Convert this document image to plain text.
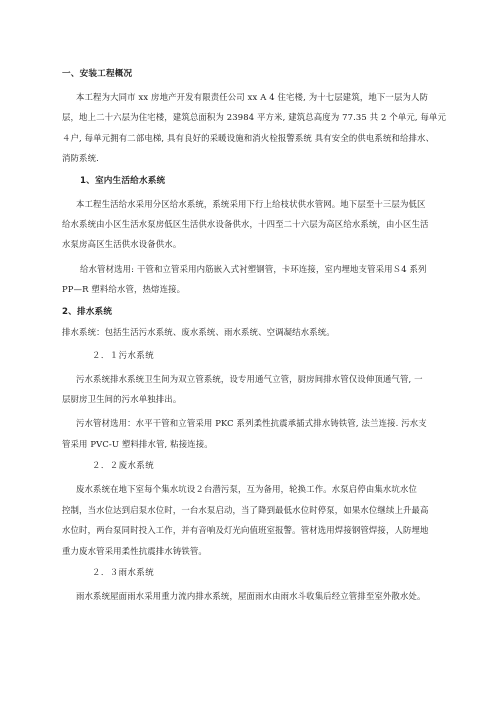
一、安装工程概况
本工程为大同市 xx 房地产开发有限责任公司 xx A 4 住宅楼, 为十七层建筑，地下一层为人防
层，地上二十六层为住宅楼，建筑总面积为 23984 平方米, 建筑总高度为 77.35 共 2 个单元, 每单元
４户, 每单元拥有二部电梯, 具有良好的采暖设施和消火栓报警系统 具有安全的供电系统和给排水、
消防系统.
1、室内生活给水系统
本工程生活给水采用分区给水系统，系统采用下行上给枝状供水管网。地下层至十三层为低区
给水系统由小区生活水泵房低区生活供水设备供水，十四至二十六层为高区给水系统，由小区生活
水泵房高区生活供水设备供水。
给水管材选用: 干管和立管采用内筋嵌入式衬塑钢管，卡环连接，室内埋地支管采用Ｓ4 系列
PP—R 塑料给水管，热熔连接。
2、排水系统
排水系统：包括生活污水系统、废水系统、雨水系统、空调凝结水系统。
２．１污水系统
污水系统排水系统卫生间为双立管系统，设专用通气立管，厨房间排水管仅设伸顶通气管, 一
层厨房卫生间的污水单独排出。
污水管材选用：水平干管和立管采用 PKC 系列柔性抗震承插式排水铸铁管, 法兰连接. 污水支
管采用 PVC-U 塑料排水管, 粘接连接。
２．２废水系统
废水系统在地下室每个集水坑设２台潜污泵，互为备用，轮换工作。水泵启停由集水坑水位
控制，当水位达到启泵水位时，一台水泵启动，当了降到最低水位时停泵，如果水位继续上升最高
水位时，两台泵同时投入工作，并有音响及灯光向值班室报警。管材选用焊接钢管焊接，人防埋地
重力废水管采用柔性抗震排水铸铁管。
２．３雨水系统
雨水系统屋面雨水采用重力流内排水系统，屋面雨水由雨水斗收集后经立管排至室外散水处。
